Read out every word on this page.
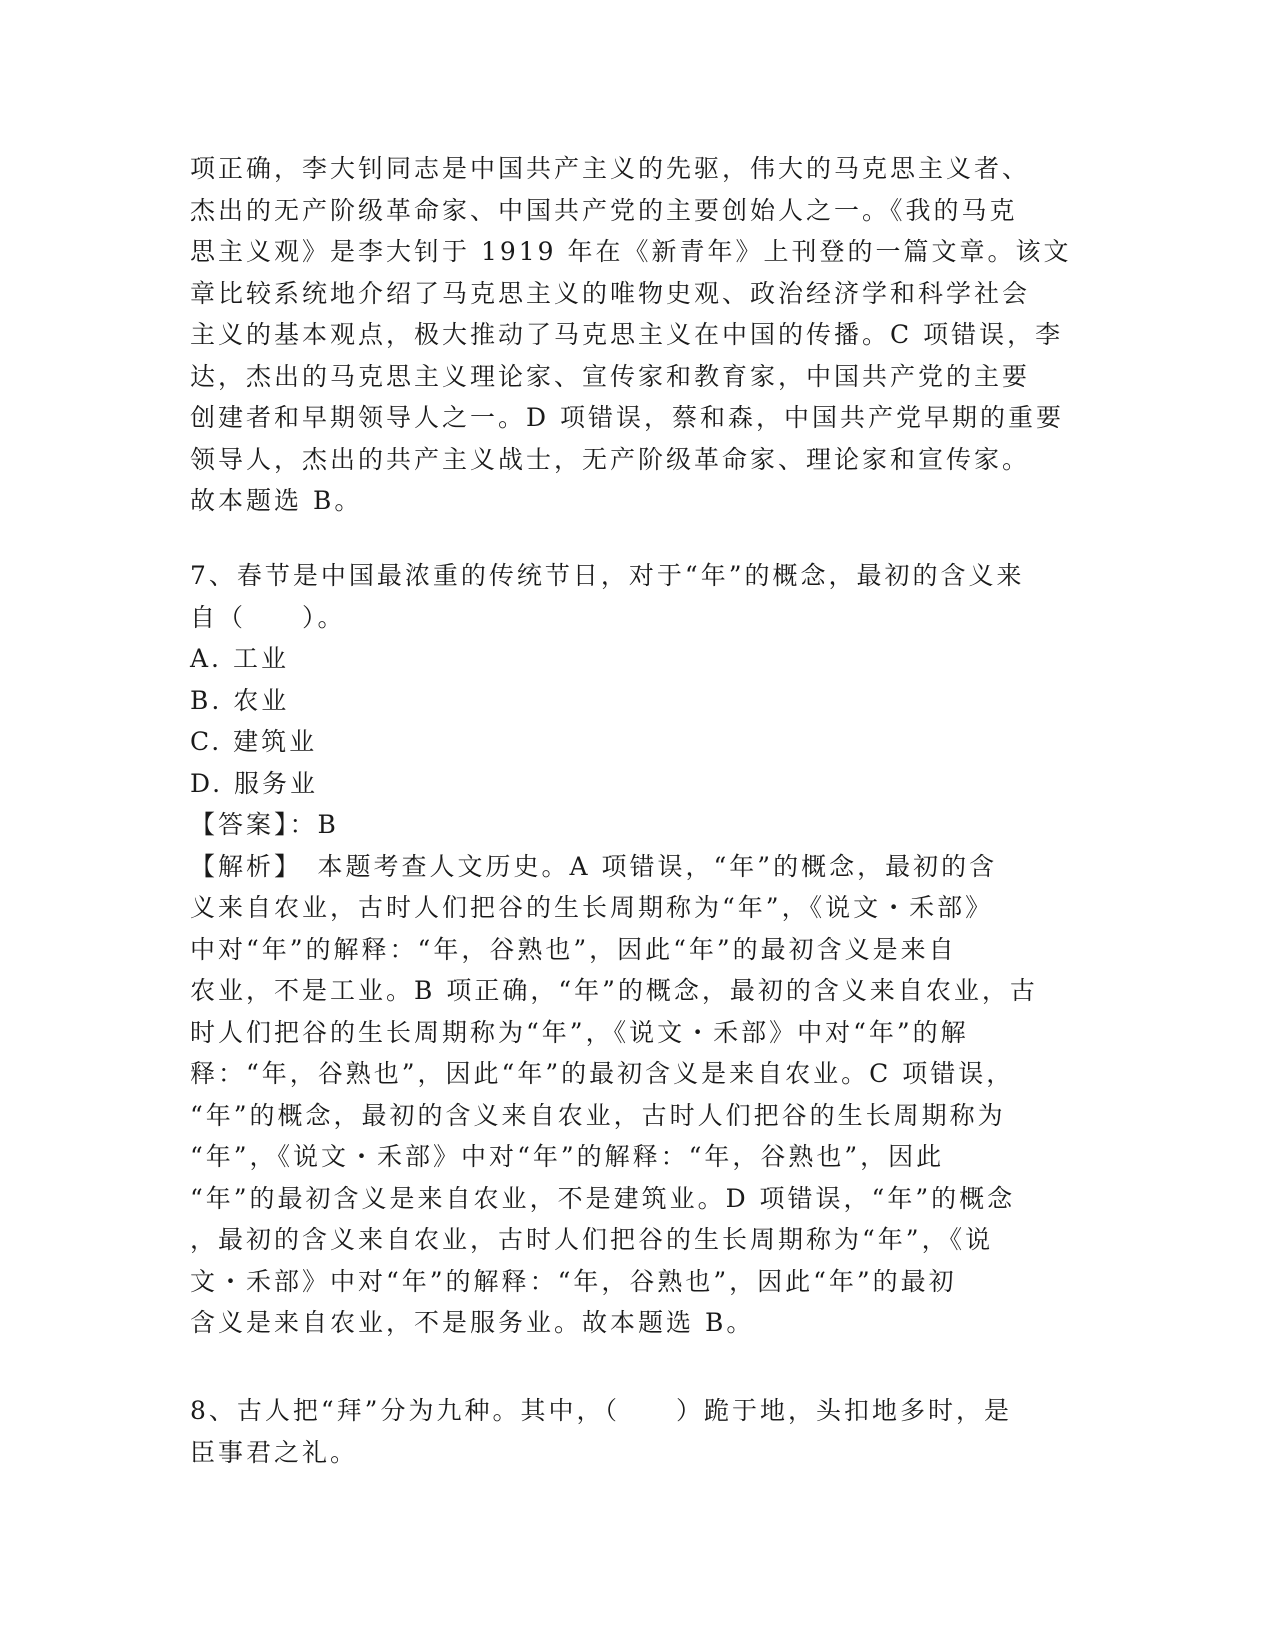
项正确，李大钊同志是中国共产主义的先驱，伟大的马克思主义者、
杰出的无产阶级革命家、中国共产党的主要创始人之一。《我的马克
思主义观》是李大钊于 1919 年在《新青年》上刊登的一篇文章。该文
章比较系统地介绍了马克思主义的唯物史观、政治经济学和科学社会
主义的基本观点，极大推动了马克思主义在中国的传播。C 项错误，李
达，杰出的马克思主义理论家、宣传家和教育家，中国共产党的主要
创建者和早期领导人之一。D 项错误，蔡和森，中国共产党早期的重要
领导人，杰出的共产主义战士，无产阶级革命家、理论家和宣传家。
故本题选 B。
7、春节是中国最浓重的传统节日，对于“年”的概念，最初的含义来
自（　　）。
A. 工业
B. 农业
C. 建筑业
D. 服务业
【答案】：B
【解析】　本题考查人文历史。A 项错误，“年”的概念，最初的含
义来自农业，古时人们把谷的生长周期称为“年”，《说文・禾部》
中对“年”的解释：“年，谷熟也”，因此“年”的最初含义是来自
农业，不是工业。B 项正确，“年”的概念，最初的含义来自农业，古
时人们把谷的生长周期称为“年”，《说文・禾部》中对“年”的解
释：“年，谷熟也”，因此“年”的最初含义是来自农业。C 项错误，
“年”的概念，最初的含义来自农业，古时人们把谷的生长周期称为
“年”，《说文・禾部》中对“年”的解释：“年，谷熟也”，因此
“年”的最初含义是来自农业，不是建筑业。D 项错误，“年”的概念
，最初的含义来自农业，古时人们把谷的生长周期称为“年”，《说
文・禾部》中对“年”的解释：“年，谷熟也”，因此“年”的最初
含义是来自农业，不是服务业。故本题选 B。
8、古人把“拜”分为九种。其中，（　　）跪于地，头扣地多时，是
臣事君之礼。
